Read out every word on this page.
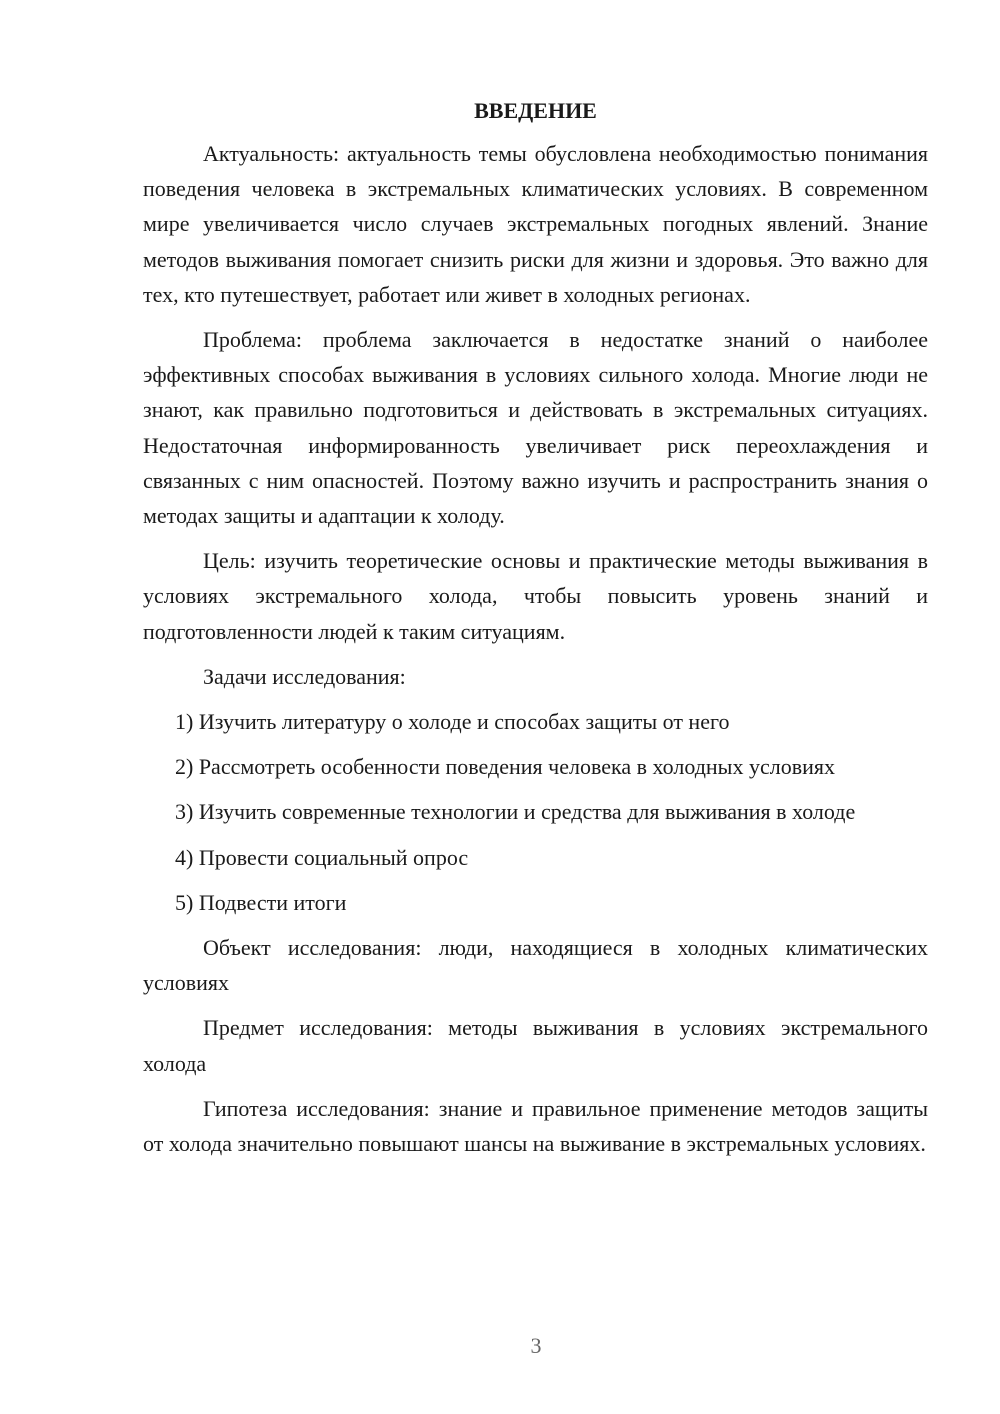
ВВЕДЕНИЕ

Актуальность: актуальность темы обусловлена необходимостью понимания поведения человека в экстремальных климатических условиях. В современном мире увеличивается число случаев экстремальных погодных явлений. Знание методов выживания помогает снизить риски для жизни и здоровья. Это важно для тех, кто путешествует, работает или живет в холодных регионах.

Проблема: проблема заключается в недостатке знаний о наиболее эффективных способах выживания в условиях сильного холода. Многие люди не знают, как правильно подготовиться и действовать в экстремальных ситуациях. Недостаточная информированность увеличивает риск переохлаждения и связанных с ним опасностей. Поэтому важно изучить и распространить знания о методах защиты и адаптации к холоду.

Цель: изучить теоретические основы и практические методы выживания в условиях экстремального холода, чтобы повысить уровень знаний и подготовленности людей к таким ситуациям.

Задачи исследования:

1) Изучить литературу о холоде и способах защиты от него

2) Рассмотреть особенности поведения человека в холодных условиях

3) Изучить современные технологии и средства для выживания в холоде

4) Провести социальный опрос

5) Подвести итоги

Объект исследования: люди, находящиеся в холодных климатических условиях

Предмет исследования: методы выживания в условиях экстремального холода

Гипотеза исследования: знание и правильное применение методов защиты от холода значительно повышают шансы на выживание в экстремальных условиях.

3
